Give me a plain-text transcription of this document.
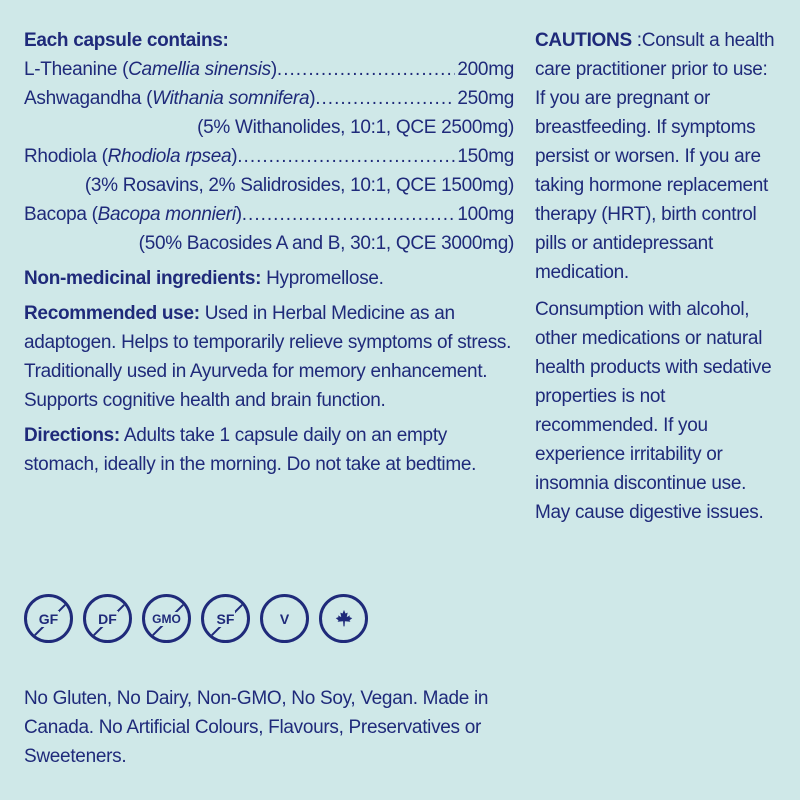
Each capsule contains:
L-Theanine (Camellia sinensis) .....	200mg
Ashwagandha (Withania somnifera) .....	250mg
(5% Withanolides, 10:1, QCE 2500mg)
Rhodiola (Rhodiola rpsea) .....	150mg
(3% Rosavins, 2% Salidrosides, 10:1, QCE 1500mg)
Bacopa (Bacopa monnieri) .....	100mg
(50% Bacosides A and B, 30:1, QCE 3000mg)
Non-medicinal ingredients: Hypromellose.
Recommended use: Used in Herbal Medicine as an adaptogen. Helps to temporarily relieve symptoms of stress. Traditionally used in Ayurveda for memory enhancement. Supports cognitive health and brain function.
Directions: Adults take 1 capsule daily on an empty stomach, ideally in the morning. Do not take at bedtime.
CAUTIONS :Consult a health care practitioner prior to use: If you are pregnant or breastfeeding. If symptoms persist or worsen. If you are taking hormone replacement therapy (HRT), birth control pills or antidepressant medication.
Consumption with alcohol, other medications or natural health products with sedative properties is not recommended. If you experience irritability or insomnia discontinue use. May cause digestive issues.
GF	DF	GMO	SF	V
No Gluten, No Dairy, Non-GMO, No Soy, Vegan. Made in Canada. No Artificial Colours, Flavours, Preservatives or Sweeteners.
